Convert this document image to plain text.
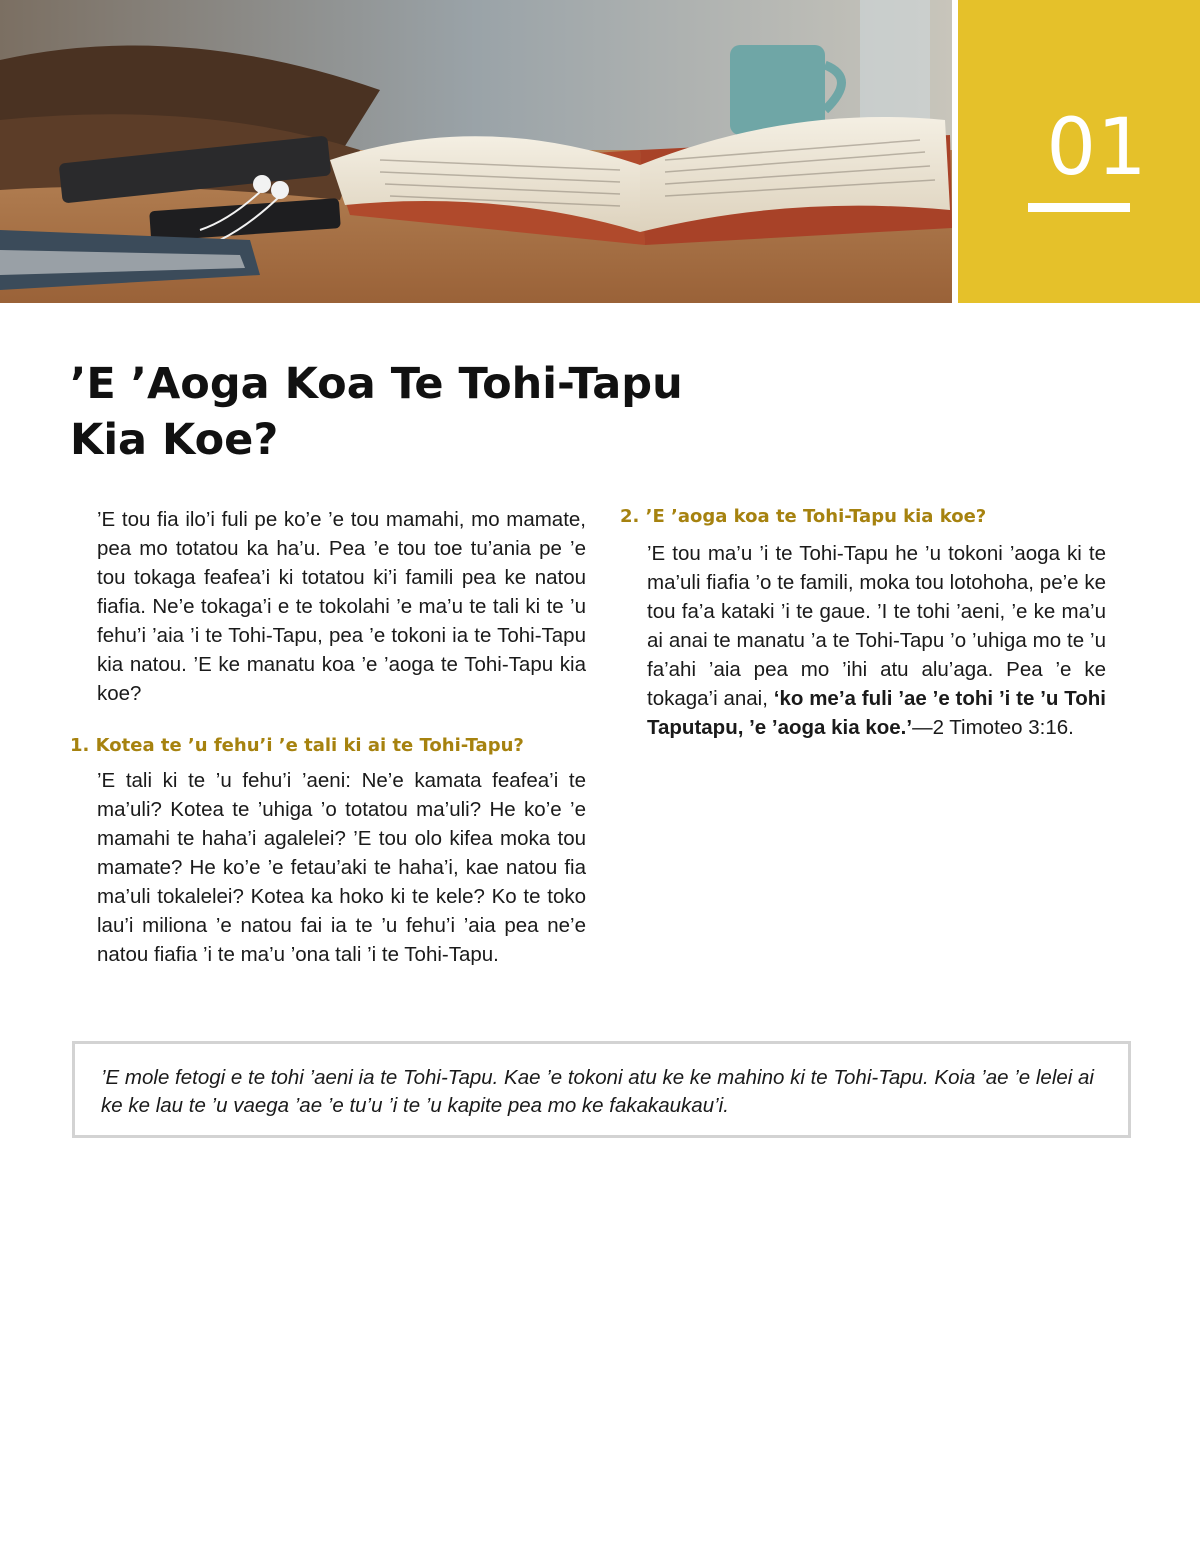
01
’E ’Aoga Koa Te Tohi-Tapu
Kia Koe?

’E tou fia ilo’i fuli pe ko’e ’e tou mamahi, mo mamate, pea mo totatou ka ha’u. Pea ’e tou toe tu’ania pe ’e tou tokaga feafea’i ki totatou ki’i famili pea ke natou fiafia. Ne’e tokaga’i e te tokolahi ’e ma’u te tali ki te ’u fehu’i ’aia ’i te Tohi-Tapu, pea ’e tokoni ia te Tohi-Tapu kia natou. ’E ke manatu koa ’e ’aoga te Tohi-Tapu kia koe?

1. Kotea te ’u fehu’i ’e tali ki ai te Tohi-Tapu?

’E tali ki te ’u fehu’i ’aeni: Ne’e kamata feafea’i te ma’uli? Kotea te ’uhiga ’o totatou ma’uli? He ko’e ’e mamahi te haha’i agalelei? ’E tou olo kifea moka tou mamate? He ko’e ’e fetau’aki te haha’i, kae natou fia ma’uli tokalelei? Kotea ka hoko ki te kele? Ko te toko lau’i miliona ’e natou fai ia te ’u fehu’i ’aia pea ne’e natou fiafia ’i te ma’u ’ona tali ’i te Tohi-Tapu.

2. ’E ’aoga koa te Tohi-Tapu kia koe?

’E tou ma’u ’i te Tohi-Tapu he ’u tokoni ’aoga ki te ma’uli fiafia ’o te famili, moka tou lotohoha, pe’e ke tou fa’a kataki ’i te gaue. ’I te tohi ’aeni, ’e ke ma’u ai anai te manatu ’a te Tohi-Tapu ’o ’uhiga mo te ’u fa’ahi ’aia pea mo ’ihi atu alu’aga. Pea ’e ke tokaga’i anai, ‘ko me’a fuli ’ae ’e tohi ’i te ’u Tohi Taputapu, ’e ’aoga kia koe.’—2 Timoteo 3:16.

’E mole fetogi e te tohi ’aeni ia te Tohi-Tapu. Kae ’e tokoni atu ke ke mahino ki te Tohi-Tapu. Koia ’ae ’e lelei ai ke ke lau te ’u vaega ’ae ’e tu’u ’i te ’u kapite pea mo ke fakakaukau’i.
